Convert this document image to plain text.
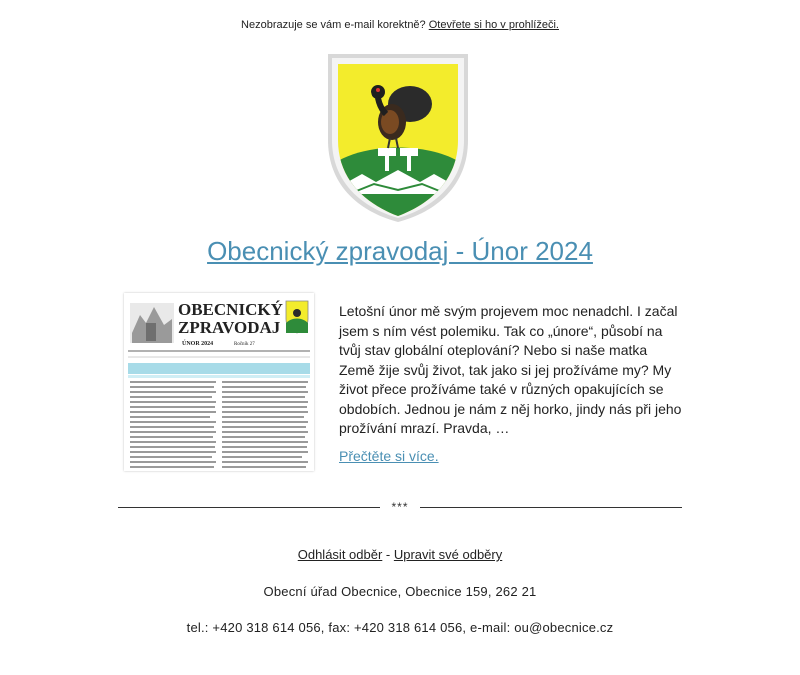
Nezobrazuje se vám e-mail korektně? Otevřete si ho v prohlížeči.
Obecnický zpravodaj - Únor 2024
OBECNICKÝ
ZPRAVODAJ
ÚNOR 2024	Ročník 27
Letošní únor mě svým projevem moc nenadchl. I začal jsem s ním vést polemiku. Tak co „únore“, působí na tvůj stav globální oteplování? Nebo si naše matka Země žije svůj život, tak jako si jej prožíváme my? My život přece prožíváme také v různých opakujících se obdobích. Jednou je nám z něj horko, jindy nás při jeho prožívání mrazí. Pravda, …
Přečtěte si více.
***
Odhlásit odběr - Upravit své odběry
Obecní úřad Obecnice, Obecnice 159, 262 21
tel.: +420 318 614 056, fax: +420 318 614 056, e-mail: ou@obecnice.cz
